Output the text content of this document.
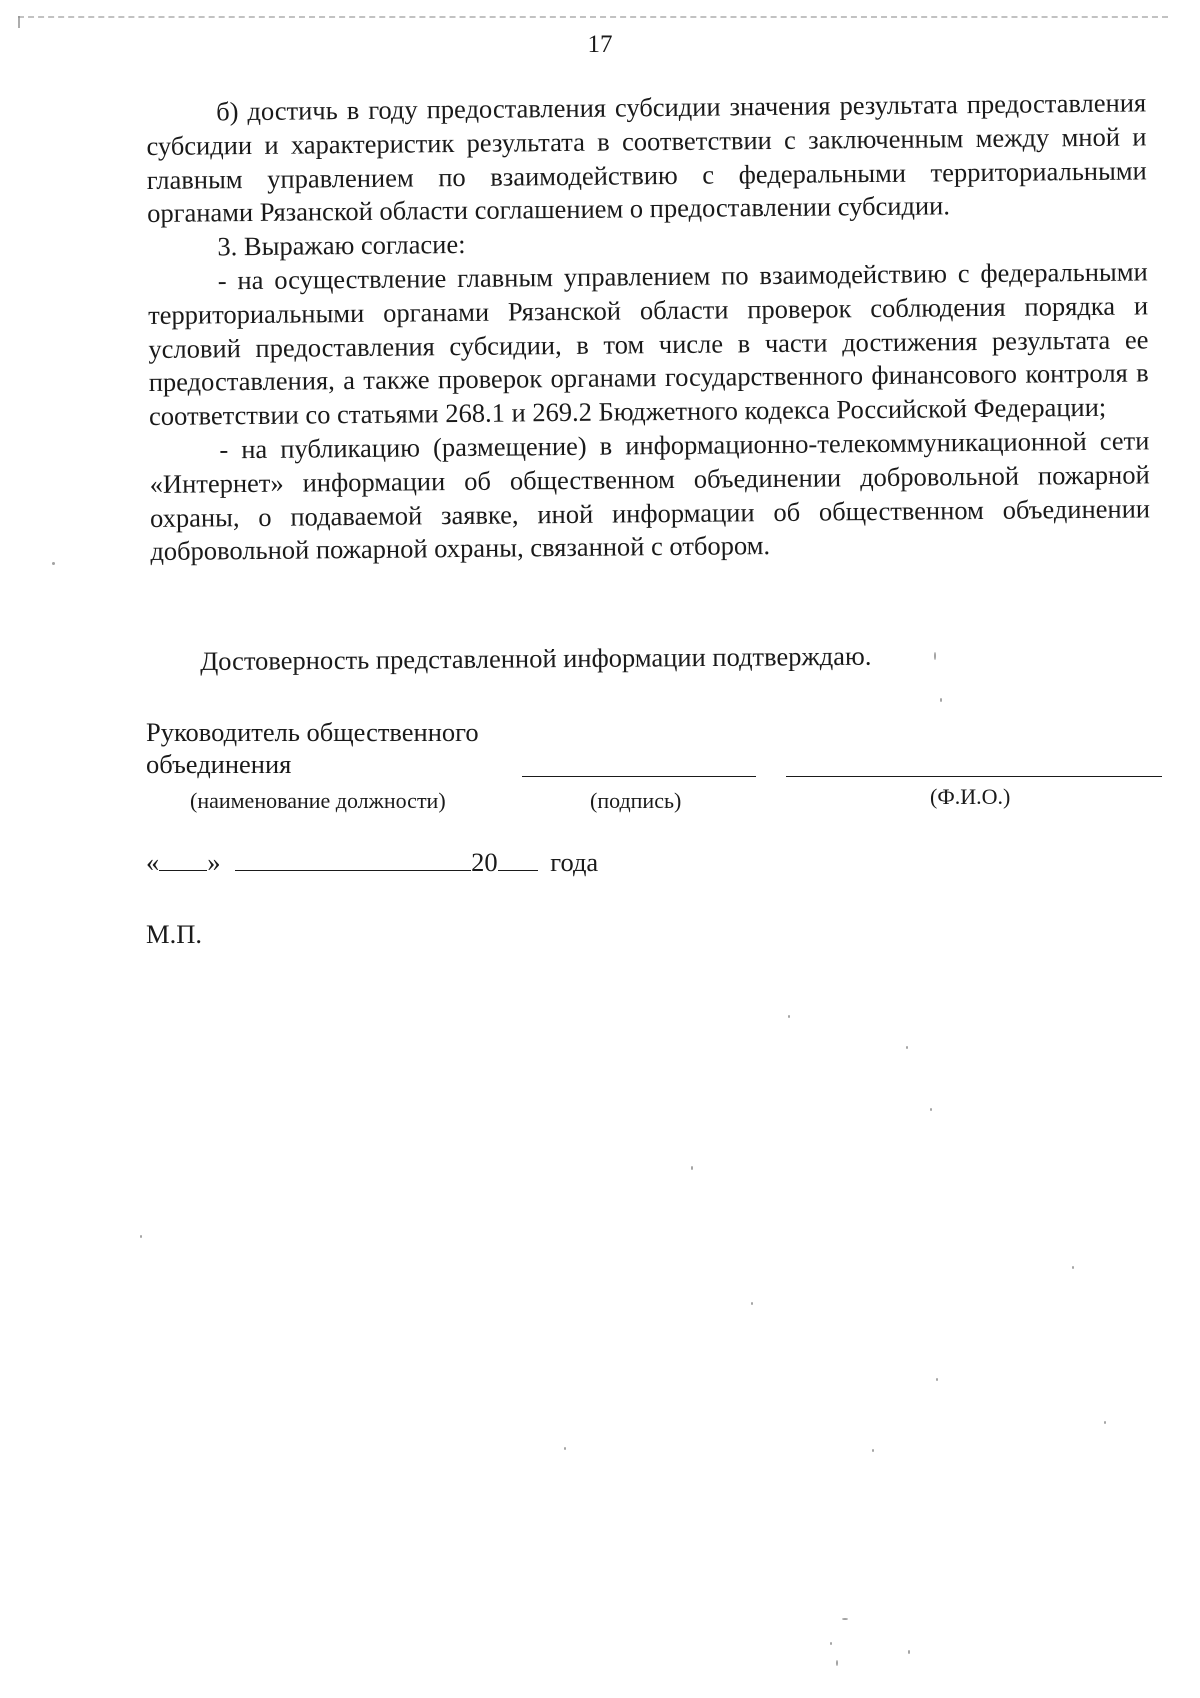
17

б) достичь в году предоставления субсидии значения результата предоставления субсидии и характеристик результата в соответствии с заключенным между мной и главным управлением по взаимодействию с федеральными территориальными органами Рязанской области соглашением о предоставлении субсидии.

3. Выражаю согласие:

- на осуществление главным управлением по взаимодействию с федеральными территориальными органами Рязанской области проверок соблюдения порядка и условий предоставления субсидии, в том числе в части достижения результата ее предоставления, а также проверок органами государственного финансового контроля в соответствии со статьями 268.1 и 269.2 Бюджетного кодекса Российской Федерации;

- на публикацию (размещение) в информационно-телекоммуникационной сети «Интернет» информации об общественном объединении добровольной пожарной охраны, о подаваемой заявке, иной информации об общественном объединении добровольной пожарной охраны, связанной с отбором.

Достоверность представленной информации подтверждаю.
Руководитель общественного
объединения
(наименование должности)	(подпись)	(Ф.И.О.)
« »	20 года
М.П.
